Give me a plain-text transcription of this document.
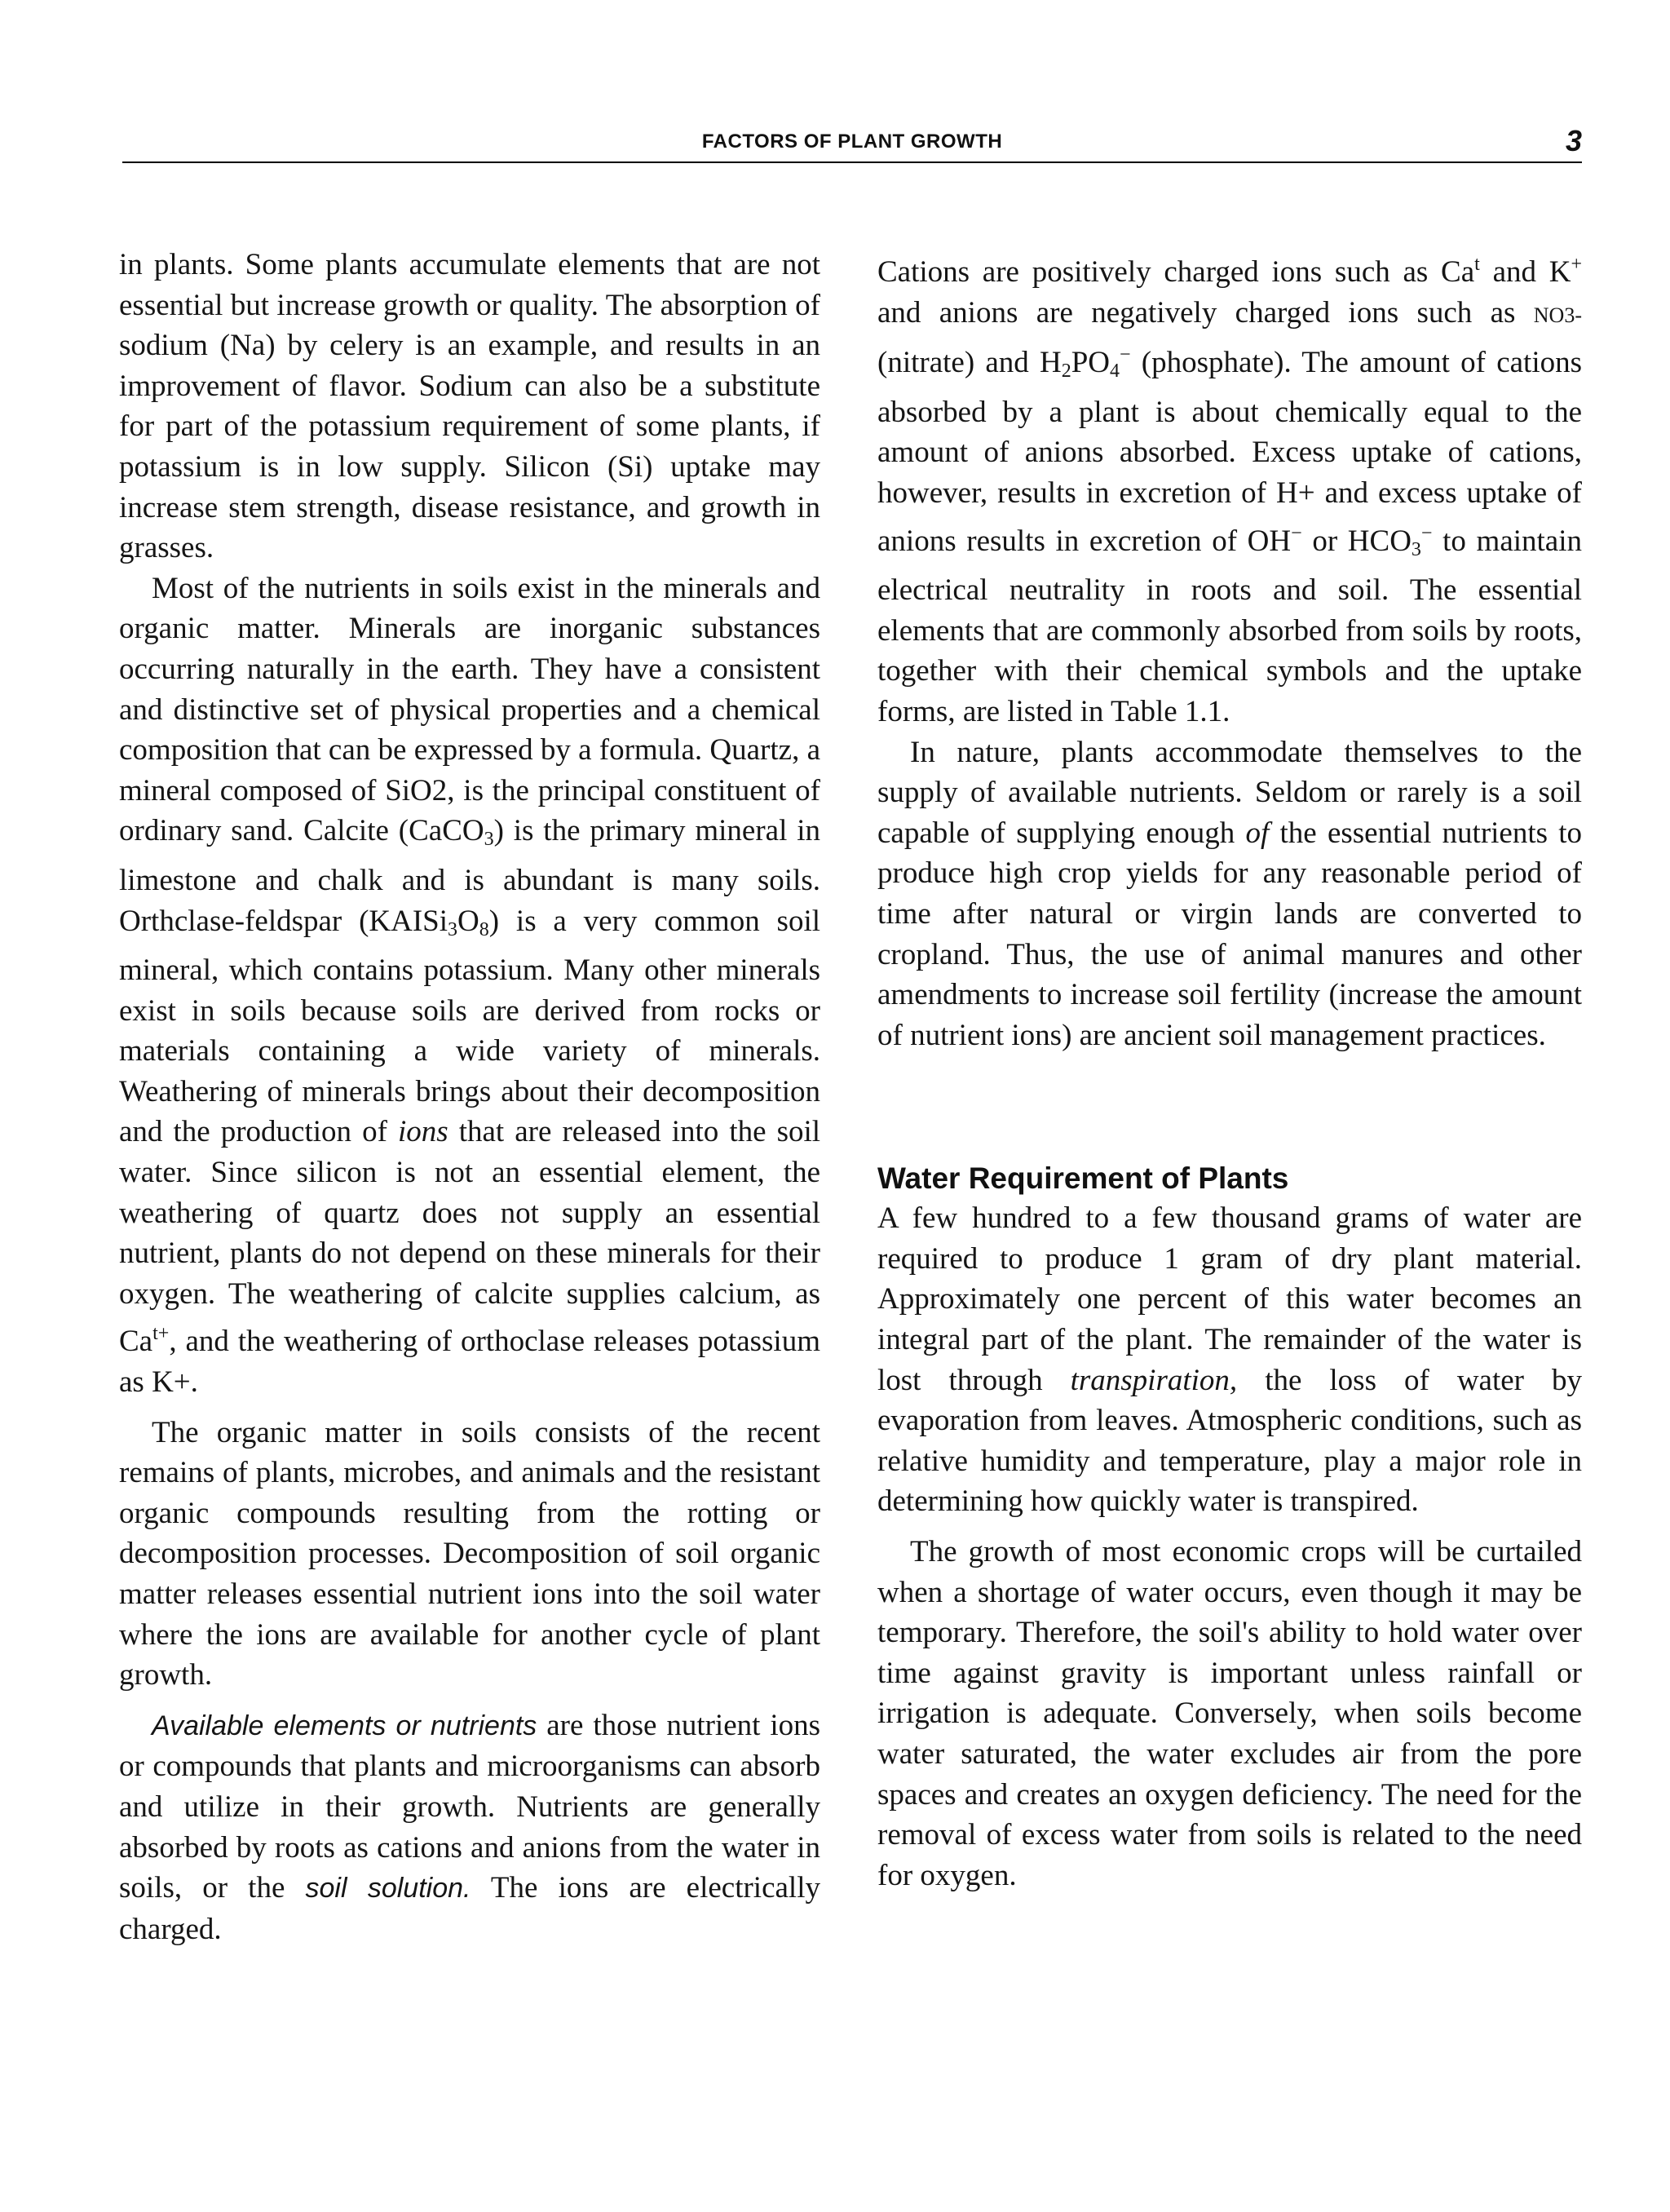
FACTORS OF PLANT GROWTH	3

in plants. Some plants accumulate elements that are not essential but increase growth or quality. The absorption of sodium (Na) by celery is an example, and results in an improvement of flavor. Sodium can also be a substitute for part of the potassium requirement of some plants, if potassium is in low supply. Silicon (Si) uptake may increase stem strength, disease resistance, and growth in grasses.

Most of the nutrients in soils exist in the minerals and organic matter. Minerals are inorganic substances occurring naturally in the earth. They have a consistent and distinctive set of physical properties and a chemical composition that can be expressed by a formula. Quartz, a mineral composed of SiO2, is the principal constituent of ordinary sand. Calcite (CaCO$_3$) is the primary mineral in limestone and chalk and is abundant is many soils. Orthclase-feldspar $(KAISi_3O_8)$ is a very common soil mineral, which contains potassium. Many other minerals exist in soils because soils are derived from rocks or materials containing a wide variety of minerals. Weathering of minerals brings about their decomposition and the production of ions that are released into the soil water. Since silicon is not an essential element, the weathering of quartz does not supply an essential nutrient, plants do not depend on these minerals for their oxygen. The weathering of calcite supplies calcium, as $Ca^{t+}$, and the weathering of orthoclase releases potassium as K+.

The organic matter in soils consists of the recent remains of plants, microbes, and animals and the resistant organic compounds resulting from the rotting or decomposition processes. Decomposition of soil organic matter releases essential nutrient ions into the soil water where the ions are available for another cycle of plant growth.

Available elements or nutrients are those nutrient ions or compounds that plants and microorganisms can absorb and utilize in their growth. Nutrients are generally absorbed by roots as cations and anions from the water in soils, or the soil solution. The ions are electrically charged.

Cations are positively charged ions such as Ca$^t$ and K+ and anions are negatively charged ions such as NO3- (nitrate) and $H_2PO_4^-$ (phosphate). The amount of cations absorbed by a plant is about chemically equal to the amount of anions absorbed. Excess uptake of cations, however, results in excretion of H+ and excess uptake of anions results in excretion of OH− or $HCO_3^-$ to maintain electrical neutrality in roots and soil. The essential elements that are commonly absorbed from soils by roots, together with their chemical symbols and the uptake forms, are listed in Table 1.1.

In nature, plants accommodate themselves to the supply of available nutrients. Seldom or rarely is a soil capable of supplying enough of the essential nutrients to produce high crop yields for any reasonable period of time after natural or virgin lands are converted to cropland. Thus, the use of animal manures and other amendments to increase soil fertility (increase the amount of nutrient ions) are ancient soil management practices.

Water Requirement of Plants

A few hundred to a few thousand grams of water are required to produce 1 gram of dry plant material. Approximately one percent of this water becomes an integral part of the plant. The remainder of the water is lost through transpiration, the loss of water by evaporation from leaves. Atmospheric conditions, such as relative humidity and temperature, play a major role in determining how quickly water is transpired.

The growth of most economic crops will be curtailed when a shortage of water occurs, even though it may be temporary. Therefore, the soil's ability to hold water over time against gravity is important unless rainfall or irrigation is adequate. Conversely, when soils become water saturated, the water excludes air from the pore spaces and creates an oxygen deficiency. The need for the removal of excess water from soils is related to the need for oxygen.
